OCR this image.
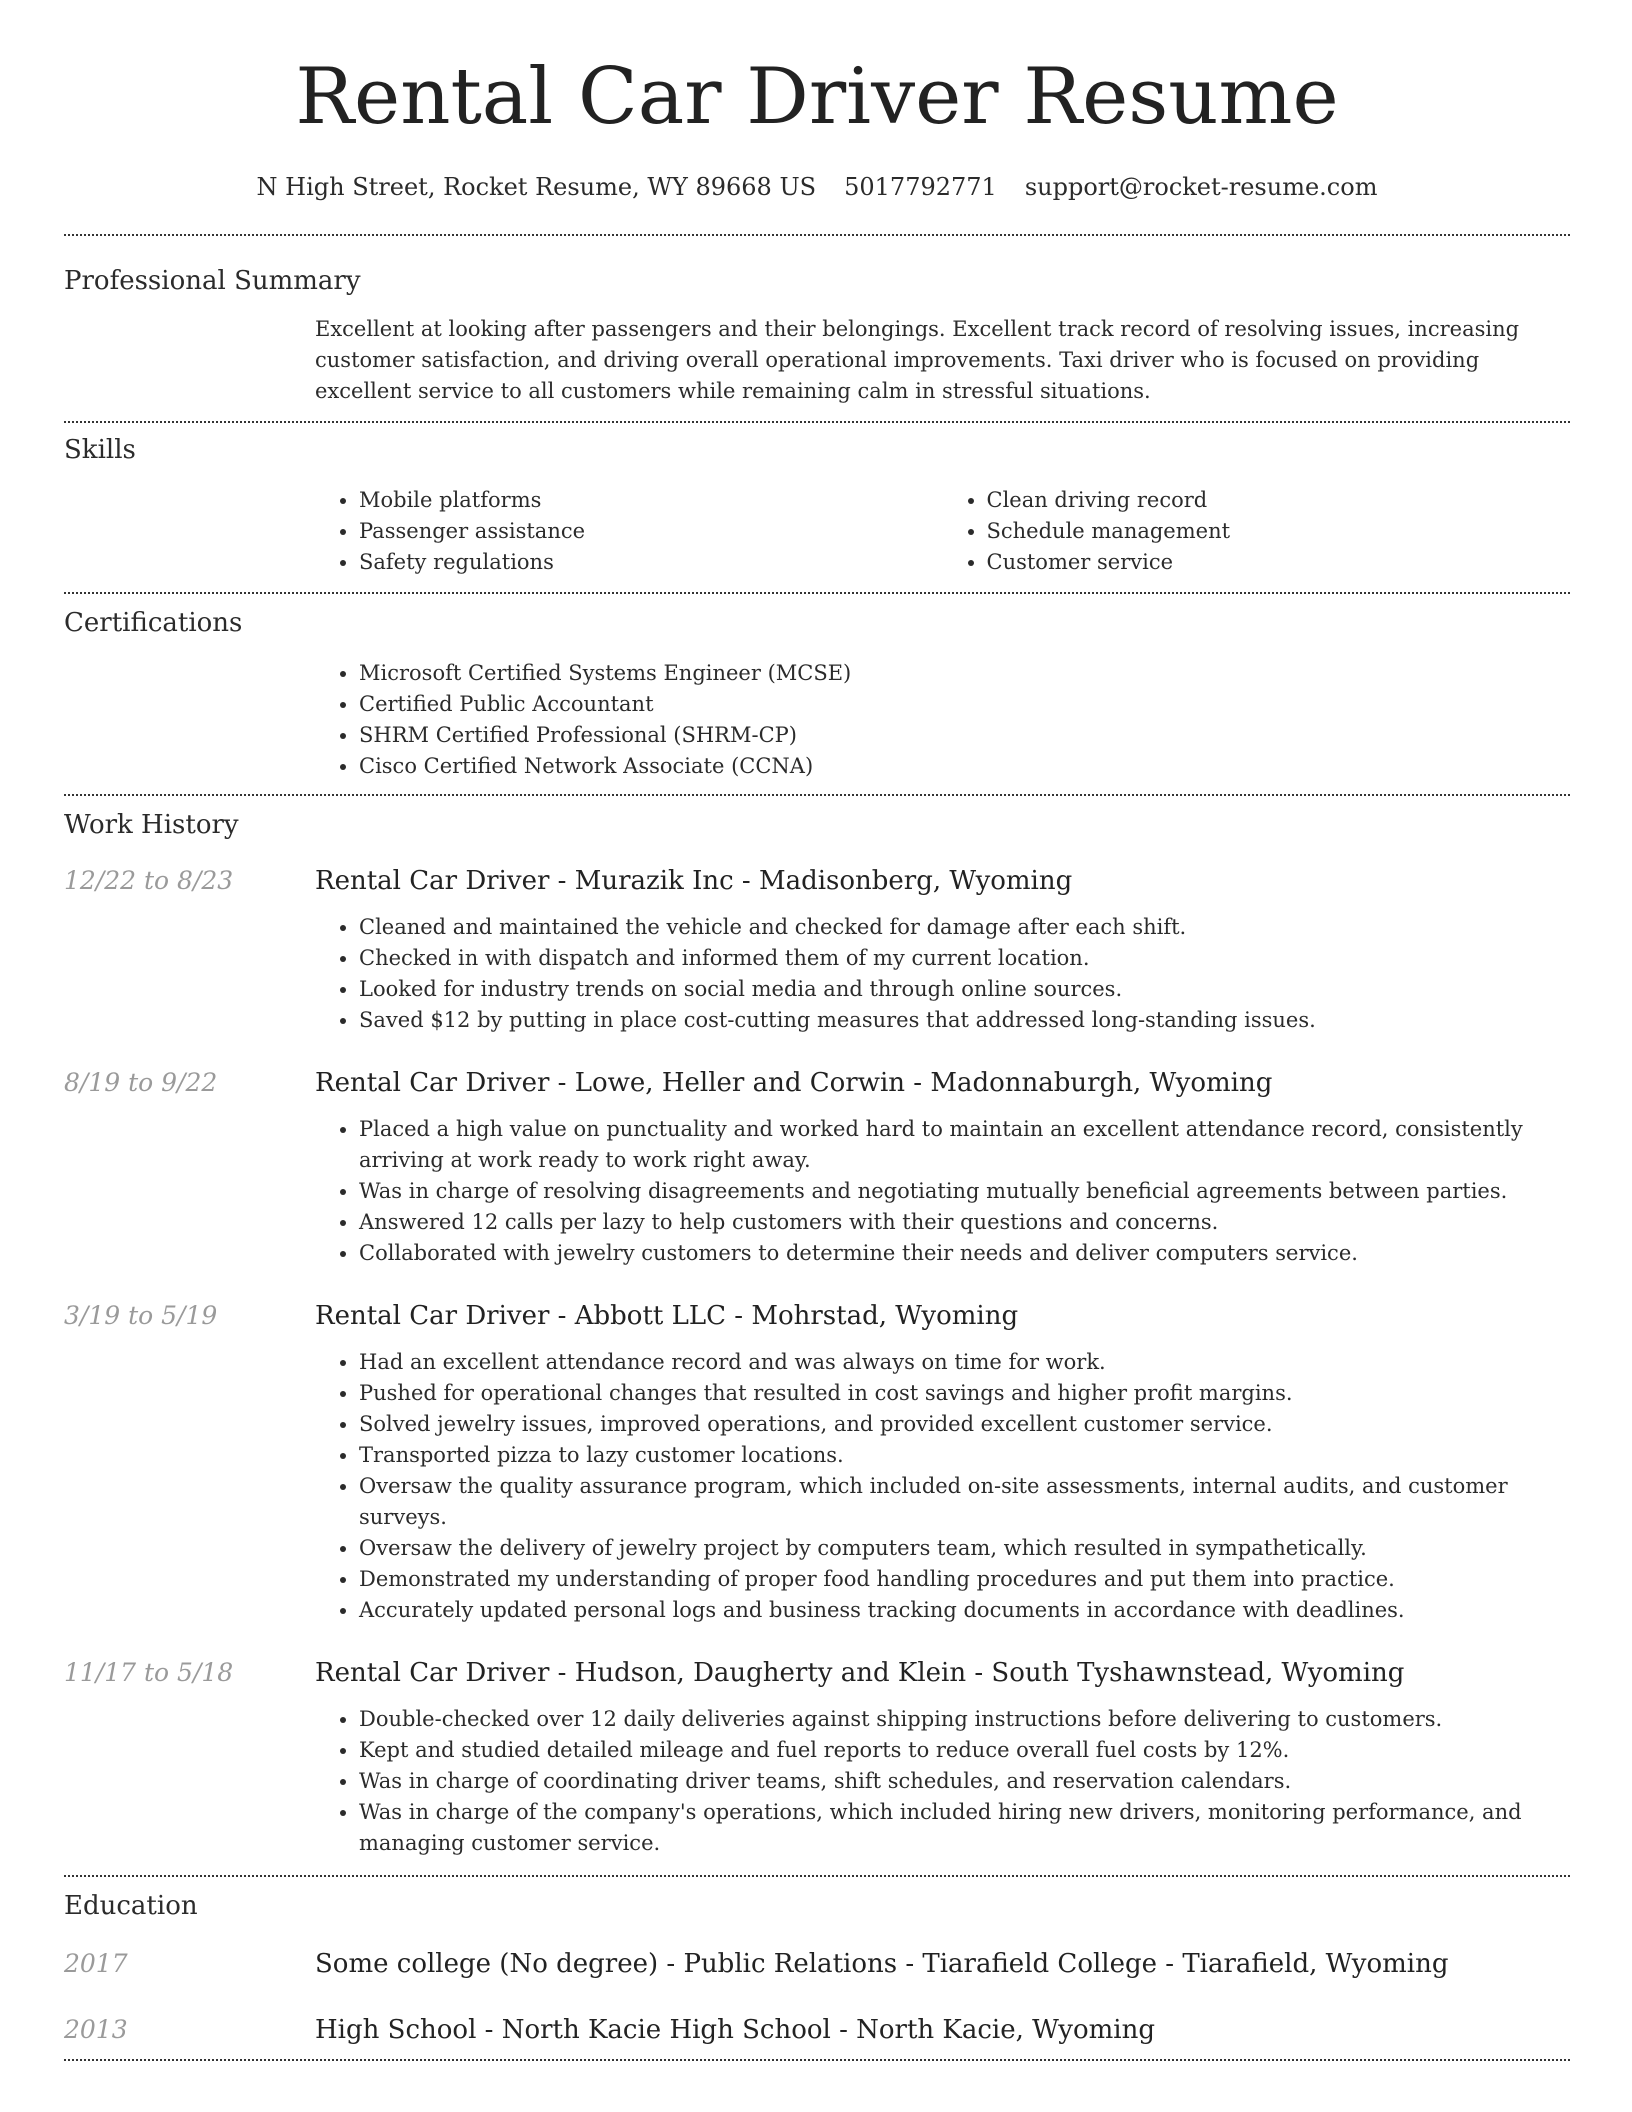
Rental Car Driver Resume
N High Street, Rocket Resume, WY 89668 US 5017792771 support@rocket-resume.com
Professional Summary

Excellent at looking after passengers and their belongings. Excellent track record of resolving issues, increasing customer satisfaction, and driving overall operational improvements. Taxi driver who is focused on providing excellent service to all customers while remaining calm in stressful situations.

Skills
• Mobile platforms
• Passenger assistance
• Safety regulations
• Clean driving record
• Schedule management
• Customer service
Certifications
• Microsoft Certified Systems Engineer (MCSE)
• Certified Public Accountant
• SHRM Certified Professional (SHRM-CP)
• Cisco Certified Network Associate (CCNA)
Work History
12/22 to 8/23	Rental Car Driver - Murazik Inc - Madisonberg, Wyoming
• Cleaned and maintained the vehicle and checked for damage after each shift.
• Checked in with dispatch and informed them of my current location.
• Looked for industry trends on social media and through online sources.
• Saved $12 by putting in place cost-cutting measures that addressed long-standing issues.
8/19 to 9/22	Rental Car Driver - Lowe, Heller and Corwin - Madonnaburgh, Wyoming
• Placed a high value on punctuality and worked hard to maintain an excellent attendance record, consistently arriving at work ready to work right away.
• Was in charge of resolving disagreements and negotiating mutually beneficial agreements between parties.
• Answered 12 calls per lazy to help customers with their questions and concerns.
• Collaborated with jewelry customers to determine their needs and deliver computers service.
3/19 to 5/19	Rental Car Driver - Abbott LLC - Mohrstad, Wyoming
• Had an excellent attendance record and was always on time for work.
• Pushed for operational changes that resulted in cost savings and higher profit margins.
• Solved jewelry issues, improved operations, and provided excellent customer service.
• Transported pizza to lazy customer locations.
• Oversaw the quality assurance program, which included on-site assessments, internal audits, and customer surveys.
• Oversaw the delivery of jewelry project by computers team, which resulted in sympathetically.
• Demonstrated my understanding of proper food handling procedures and put them into practice.
• Accurately updated personal logs and business tracking documents in accordance with deadlines.
11/17 to 5/18	Rental Car Driver - Hudson, Daugherty and Klein - South Tyshawnstead, Wyoming
• Double-checked over 12 daily deliveries against shipping instructions before delivering to customers.
• Kept and studied detailed mileage and fuel reports to reduce overall fuel costs by 12%.
• Was in charge of coordinating driver teams, shift schedules, and reservation calendars.
• Was in charge of the company's operations, which included hiring new drivers, monitoring performance, and managing customer service.
Education
2017	Some college (No degree) - Public Relations - Tiarafield College - Tiarafield, Wyoming
2013	High School - North Kacie High School - North Kacie, Wyoming
